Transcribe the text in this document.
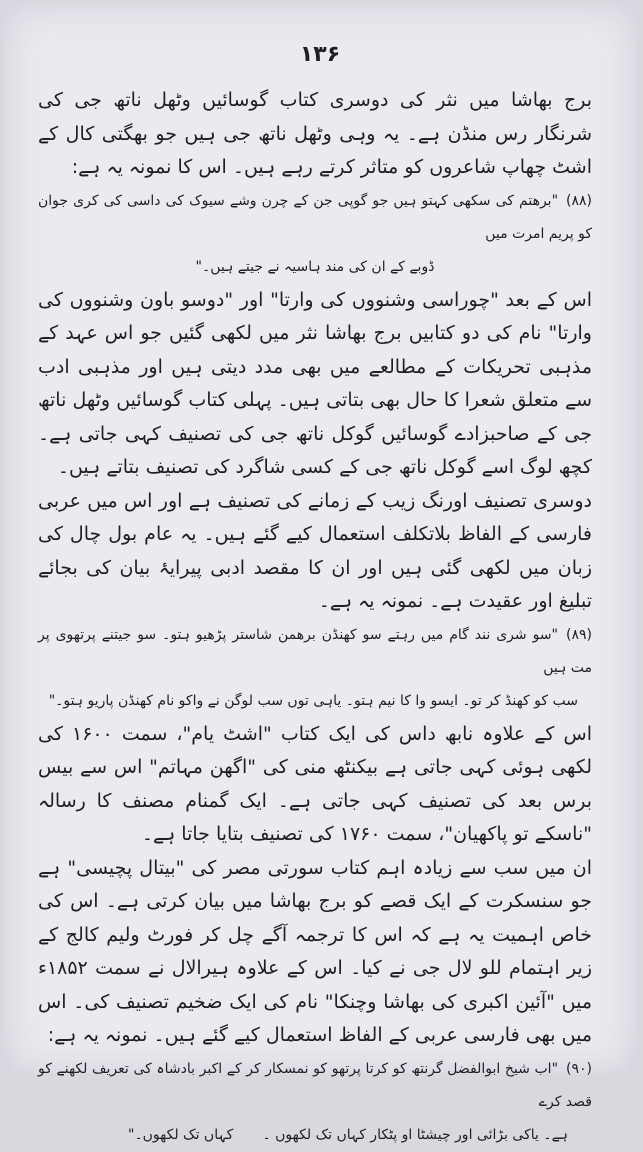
۱۳۶

برج بھاشا میں نثر کی دوسری کتاب گوسائیں وٹھل ناتھ جی کی شرنگار رس منڈن ہے۔ یہ وہی وٹھل ناتھ جی ہیں جو بھگتی کال کے اشٹ چھاپ شاعروں کو متاثر کرتے رہے ہیں۔ اس کا نمونہ یہ ہے:

(۸۸)"برھتم کی سکھی کہتو ہیں جو گوپی جن کے چرن وشے سیوک کی داسی کی کری جوان کو پریم امرت میں
ڈوبے کے ان کی مند ہاسیہ نے جیتے ہیں۔"

اس کے بعد "چوراسی وشنووں کی وارتا" اور "دوسو باون وشنووں کی وارتا" نام کی دو کتابیں برج بھاشا نثر میں لکھی گئیں جو اس عہد کے مذہبی تحریکات کے مطالعے میں بھی مدد دیتی ہیں اور مذہبی ادب سے متعلق شعرا کا حال بھی بتاتی ہیں۔ پہلی کتاب گوسائیں وٹھل ناتھ جی کے صاحبزادے گوسائیں گوکل ناتھ جی کی تصنیف کہی جاتی ہے۔ کچھ لوگ اسے گوکل ناتھ جی کے کسی شاگرد کی تصنیف بتاتے ہیں۔

دوسری تصنیف اورنگ زیب کے زمانے کی تصنیف ہے اور اس میں عربی فارسی کے الفاظ بلاتکلف استعمال کیے گئے ہیں۔ یہ عام بول چال کی زبان میں لکھی گئی ہیں اور ان کا مقصد ادبی پیرایۂ بیان کی بجائے تبلیغ اور عقیدت ہے۔ نمونہ یہ ہے۔

(۸۹)"سو شری نند گام میں رہتے سو کھنڈن برھمن شاستر پڑھیو ہتو۔ سو جیتنے پرتھوی پر مت ہیں
سب کو کھنڈ کر تو۔ ایسو وا کا نیم ہتو۔ یاہی توں سب لوگن نے واکو نام کھنڈن پاریو ہتو۔"

اس کے علاوہ نابھ داس کی ایک کتاب "اشٹ یام"، سمت ۱۶۰۰ کی لکھی ہوئی کہی جاتی ہے بیکنٹھ منی کی "اگھن مہاتم" اس سے بیس برس بعد کی تصنیف کہی جاتی ہے۔ ایک گمنام مصنف کا رسالہ "ناسکے تو پاکھیان"، سمت ۱۷۶۰ کی تصنیف بتایا جاتا ہے۔

ان میں سب سے زیادہ اہم کتاب سورتی مصر کی "بیتال پچیسی" ہے جو سنسکرت کے ایک قصے کو برج بھاشا میں بیان کرتی ہے۔ اس کی خاص اہمیت یہ ہے کہ اس کا ترجمہ آگے چل کر فورٹ ولیم کالج کے زیر اہتمام للو لال جی نے کیا۔ اس کے علاوہ ہیرالال نے سمت ۱۸۵۲ء میں "آئین اکبری کی بھاشا وچنکا" نام کی ایک ضخیم تصنیف کی۔ اس میں بھی فارسی عربی کے الفاظ استعمال کیے گئے ہیں۔ نمونہ یہ ہے:

(۹۰)"اب شیخ ابوالفضل گرنتھ کو کرتا پرتھو کو نمسکار کر کے اکبر بادشاہ کی تعریف لکھنے کو قصد کرے
ہے۔ یاکی بڑائی اور چیشٹا او پٹکار کہاں تک لکھوں ۔
کہاں تک لکھوں۔"
